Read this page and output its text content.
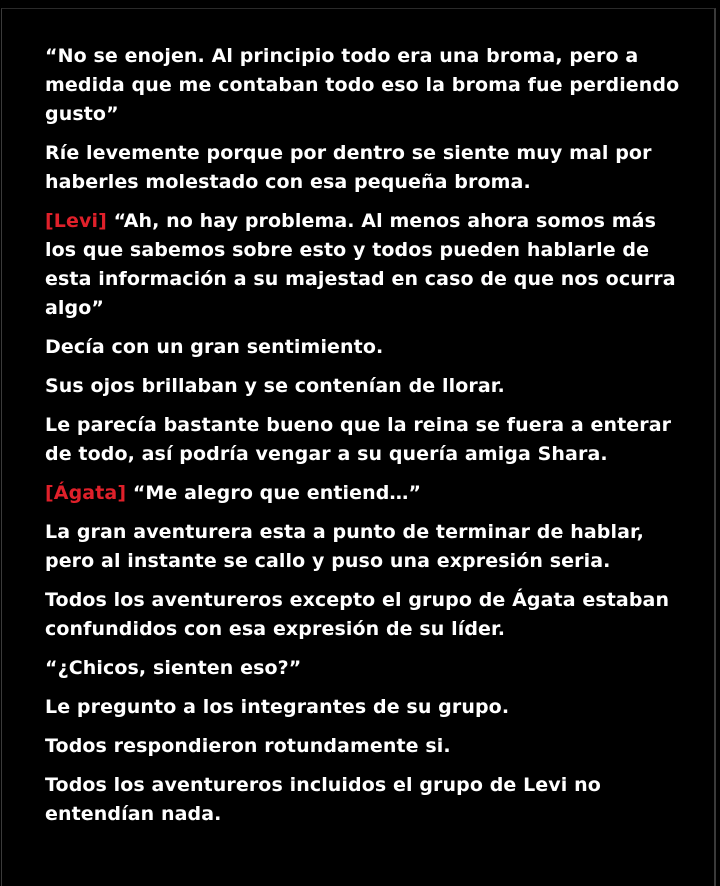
“No se enojen. Al principio todo era una broma, pero a medida que me contaban todo eso la broma fue perdiendo gusto”

Ríe levemente porque por dentro se siente muy mal por haberles molestado con esa pequeña broma.

[Levi] “Ah, no hay problema. Al menos ahora somos más los que sabemos sobre esto y todos pueden hablarle de esta información a su majestad en caso de que nos ocurra algo”

Decía con un gran sentimiento.

Sus ojos brillaban y se contenían de llorar.

Le parecía bastante bueno que la reina se fuera a enterar de todo, así podría vengar a su quería amiga Shara.

[Ágata] “Me alegro que entiend…”

La gran aventurera esta a punto de terminar de hablar, pero al instante se callo y puso una expresión seria.

Todos los aventureros excepto el grupo de Ágata estaban confundidos con esa expresión de su líder.

“¿Chicos, sienten eso?”

Le pregunto a los integrantes de su grupo.

Todos respondieron rotundamente si.

Todos los aventureros incluidos el grupo de Levi no entendían nada.
